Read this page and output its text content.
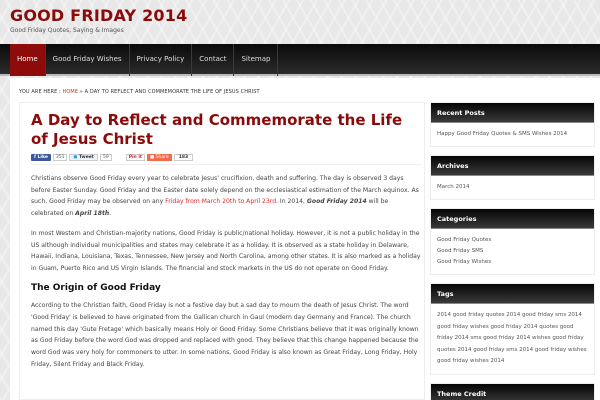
GOOD FRIDAY 2014
Good Friday Quotes, Saying & Images
Home	Good Friday Wishes	Privacy Policy	Contact	Sitemap
YOU ARE HERE : HOME » A DAY TO REFLECT AND COMMEMORATE THE LIFE OF JESUS CHRIST
A Day to Reflect and Commemorate the Life of Jesus Christ
f Like	351	● Tweet	59	Pin it	■ Share	183

Christians observe Good Friday every year to celebrate Jesus' crucifixion, death and suffering. The day is observed 3 days before Easter Sunday. Good Friday and the Easter date solely depend on the ecclesiastical estimation of the March equinox. As such, Good Friday may be observed on any Friday from March 20th to April 23rd. In 2014, Good Friday 2014 will be celebrated on April 18th.

In most Western and Christian-majority nations, Good Friday is public/national holiday. However, it is not a public holiday in the US although individual municipalities and states may celebrate it as a holiday. It is observed as a state holiday in Delaware, Hawaii, Indiana, Louisiana, Texas, Tennessee, New Jersey and North Carolina, among other states. It is also marked as a holiday in Guam, Puerto Rico and US Virgin Islands. The financial and stock markets in the US do not operate on Good Friday.

The Origin of Good Friday

According to the Christian faith, Good Friday is not a festive day but a sad day to mourn the death of Jesus Christ. The word 'Good Friday' is believed to have originated from the Gallican church in Gaul (modern day Germany and France). The church named this day 'Gute Fretage' which basically means Holy or Good Friday. Some Christians believe that it was originally known as God Friday before the word God was dropped and replaced with good. They believe that this change happened because the word God was very holy for commoners to utter. In some nations, Good Friday is also known as Great Friday, Long Friday, Holy Friday, Silent Friday and Black Friday.

Recent Posts
Happy Good Friday Quotes & SMS Wishes 2014
Archives
March 2014
Categories
Good Friday Quotes
Good Friday SMS
Good Friday Wishes
Tags
2014 good friday quotes 2014 good friday sms 2014 good friday wishes good friday 2014 quotes good friday 2014 sms good friday 2014 wishes good friday quotes 2014 good friday sms 2014 good friday wishes good friday wishes 2014
Theme Credit
